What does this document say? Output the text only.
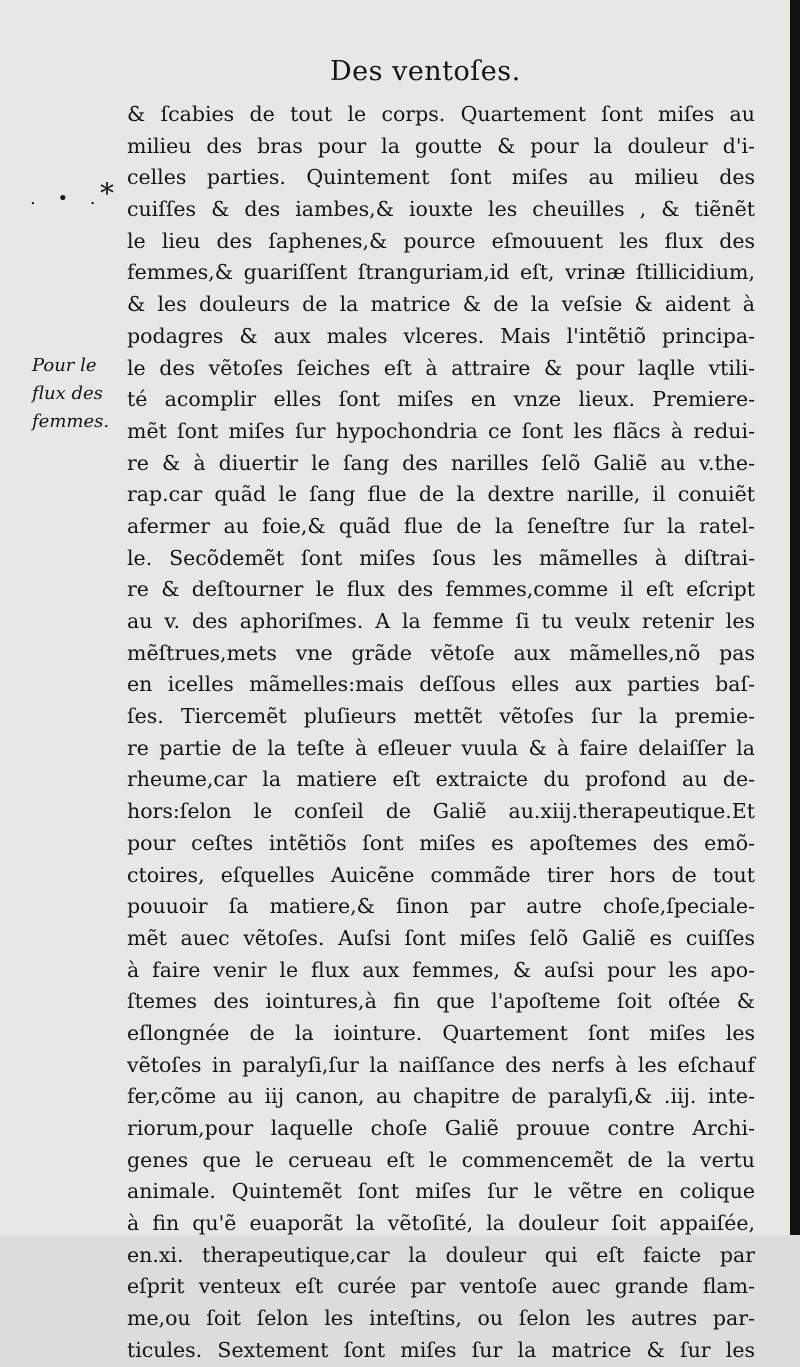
Des ventoſes.
. • .
*
Pour le
flux des
femmes.
& ſcabies de tout le corps. Quartement ſont miſes au
milieu des bras pour la goutte & pour la douleur d'i-
celles parties. Quintement ſont miſes au milieu des
cuiſſes & des iambes,& iouxte les cheuilles , & tiẽnẽt
le lieu des ſaphenes,& pource eſmouuent les flux des
femmes,& guariſſent ſtranguriam,id eſt, vrinæ ſtillicidium,
& les douleurs de la matrice & de la veſsie & aident à
podagres & aux males vlceres. Mais l'intẽtiõ principa-
le des vẽtoſes ſeiches eſt à attraire & pour laqlle vtili-
té acomplir elles ſont miſes en vnze lieux. Premiere-
mẽt ſont miſes ſur hypochondria ce ſont les flãcs à redui-
re & à diuertir le ſang des narilles ſelõ Galiẽ au v.the-
rap.car quãd le ſang flue de la dextre narille, il conuiẽt
afermer au foie,& quãd flue de la ſeneſtre ſur la ratel-
le. Secõdemẽt ſont miſes ſous les mãmelles à diſtrai-
re & deſtourner le flux des femmes,comme il eſt eſcript
au v. des aphoriſmes. A la femme ſi tu veulx retenir les
mẽſtrues,mets vne grãde vẽtoſe aux mãmelles,nõ pas
en icelles mãmelles:mais deſſous elles aux parties baſ-
ſes. Tiercemẽt pluſieurs mettẽt vẽtoſes ſur la premie-
re partie de la teſte à eſleuer vuula & à faire delaiſſer la
rheume,car la matiere eſt extraicte du profond au de-
hors:ſelon le conſeil de Galiẽ au.xiij.therapeutique.Et
pour ceſtes intẽtiõs ſont miſes es apoſtemes des emõ-
ctoires, eſquelles Auicẽne commãde tirer hors de tout
pouuoir ſa matiere,& ſinon par autre choſe,ſpeciale-
mẽt auec vẽtoſes. Auſsi ſont miſes ſelõ Galiẽ es cuiſſes
à faire venir le flux aux femmes, & auſsi pour les apo-
ſtemes des iointures,à fin que l'apoſteme ſoit oſtée &
eſlongnée de la iointure. Quartement ſont miſes les
vẽtoſes in paralyſi,ſur la naiſſance des nerfs à les eſchauf
fer,cõme au iij canon, au chapitre de paralyſi,& .iij. inte-
riorum,pour laquelle choſe Galiẽ prouue contre Archi-
genes que le cerueau eſt le commencemẽt de la vertu
animale. Quintemẽt ſont miſes ſur le vẽtre en colique
à fin qu'ẽ euaporãt la vẽtoſité, la douleur ſoit appaiſée,
en.xi. therapeutique,car la douleur qui eſt faicte par
eſprit venteux eſt curée par ventoſe auec grande flam-
me,ou ſoit ſelon les inteſtins, ou ſelon les autres par-
ticules. Sextement ſont miſes ſur la matrice & ſur les
